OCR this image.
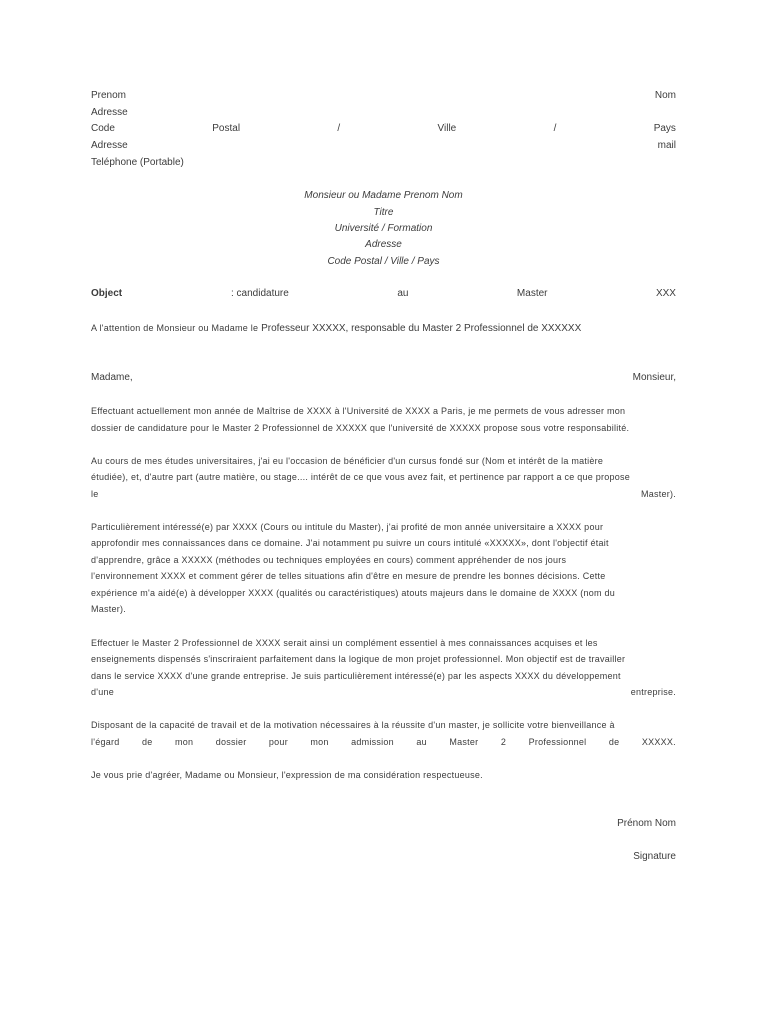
Prenom	Nom
Adresse
Code	Postal	/	Ville	/	Pays
Adresse	mail
Teléphone (Portable)
Monsieur ou Madame Prenom Nom
Titre
Université / Formation
Adresse
Code Postal / Ville / Pays
Object	: candidature	au	Master	XXX
A l'attention de Monsieur ou Madame le Professeur XXXXX, responsable du Master 2 Professionnel de XXXXXX
Madame,	Monsieur,
Effectuant actuellement mon année de Maîtrise de XXXX à l'Université de XXXX a Paris, je me permets de vous adresser mon
dossier de candidature pour le Master 2 Professionnel de XXXXX que l'université de XXXXX propose sous votre responsabilité.
Au cours de mes études universitaires, j'ai eu l'occasion de bénéficier d'un cursus fondé sur (Nom et intérêt de la matière
étudiée), et, d'autre part (autre matière, ou stage.... intérêt de ce que vous avez fait, et pertinence par rapport a ce que propose
le	Master).
Particulièrement intéressé(e) par XXXX (Cours ou intitule du Master), j'ai profité de mon année universitaire a XXXX pour
approfondir mes connaissances dans ce domaine. J'ai notamment pu suivre un cours intitulé «XXXXX», dont l'objectif était
d'apprendre, grâce a XXXXX (méthodes ou techniques employées en cours) comment appréhender de nos jours
l'environnement XXXX et comment gérer de telles situations afin d'être en mesure de prendre les bonnes décisions. Cette
expérience m'a aidé(e) à développer XXXX (qualités ou caractéristiques) atouts majeurs dans le domaine de XXXX (nom du
Master).
Effectuer le Master 2 Professionnel de XXXX serait ainsi un complément essentiel à mes connaissances acquises et les
enseignements dispensés s'inscriraient parfaitement dans la logique de mon projet professionnel. Mon objectif est de travailler
dans le service XXXX d'une grande entreprise. Je suis particulièrement intéressé(e) par les aspects XXXX du développement
d'une	entreprise.
Disposant de la capacité de travail et de la motivation nécessaires à la réussite d'un master, je sollicite votre bienveillance à
l'égard de mon dossier pour mon admission au Master 2 Professionnel de XXXXX.
Je vous prie d'agréer, Madame ou Monsieur, l'expression de ma considération respectueuse.
Prénom Nom
Signature
